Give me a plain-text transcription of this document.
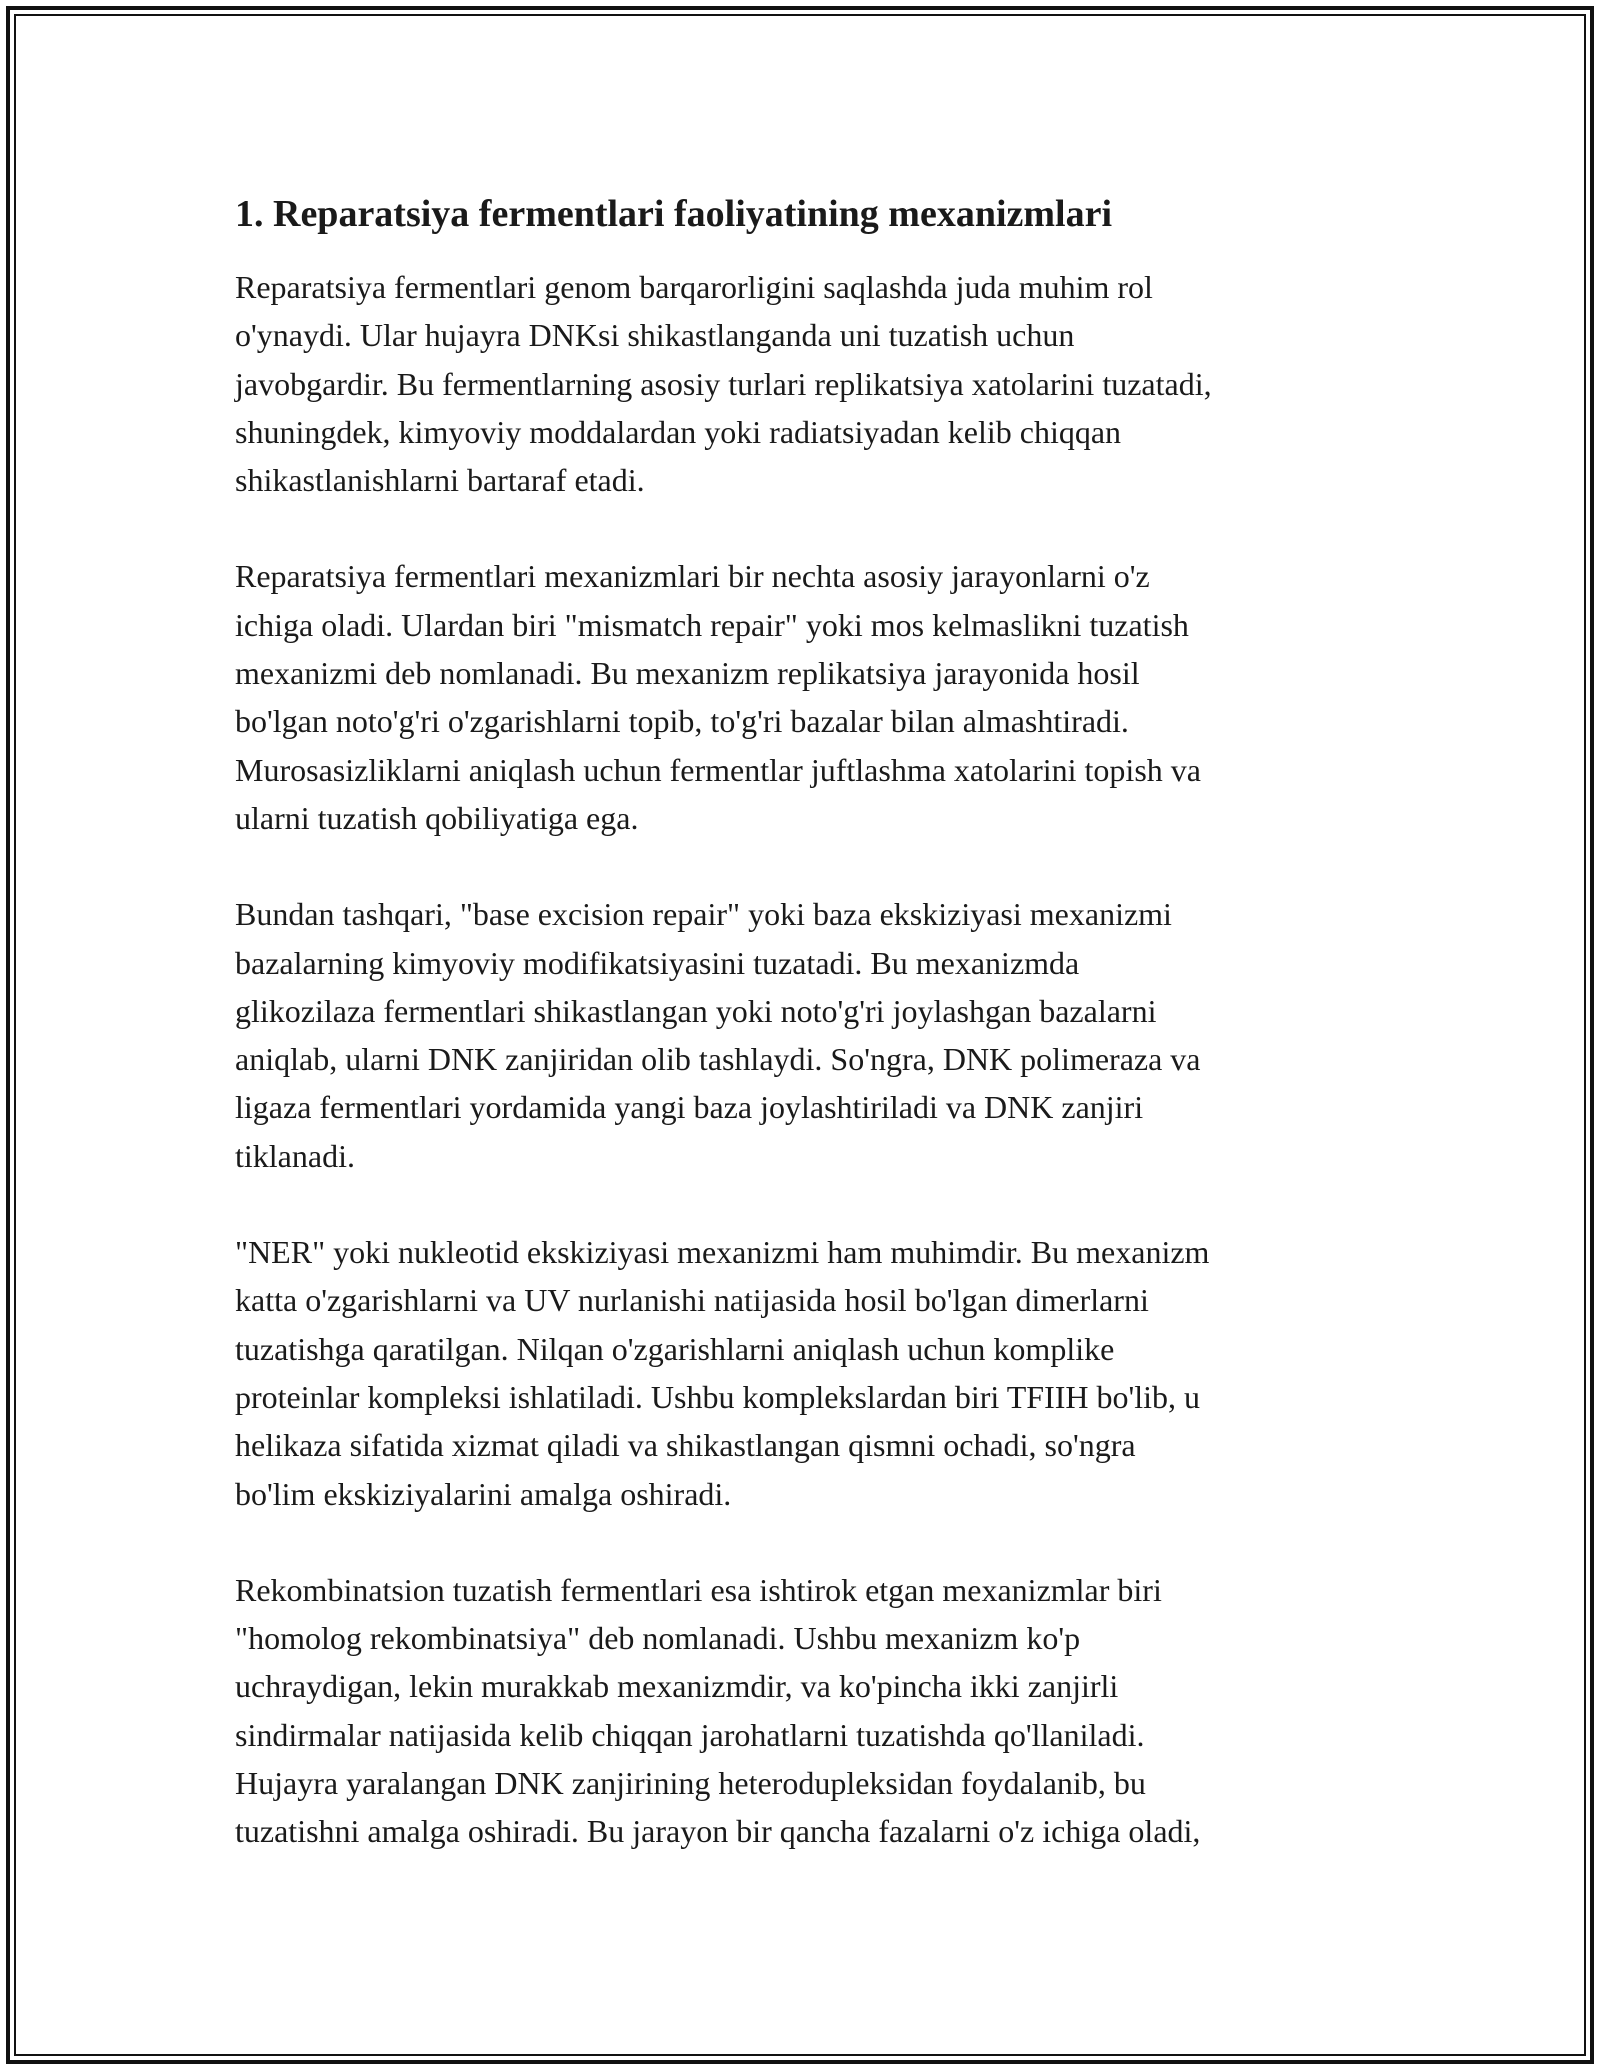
1. Reparatsiya fermentlari faoliyatining mexanizmlari

Reparatsiya fermentlari genom barqarorligini saqlashda juda muhim rol
o'ynaydi. Ular hujayra DNKsi shikastlanganda uni tuzatish uchun
javobgardir. Bu fermentlarning asosiy turlari replikatsiya xatolarini tuzatadi,
shuningdek, kimyoviy moddalardan yoki radiatsiyadan kelib chiqqan
shikastlanishlarni bartaraf etadi.

Reparatsiya fermentlari mexanizmlari bir nechta asosiy jarayonlarni o'z
ichiga oladi. Ulardan biri "mismatch repair" yoki mos kelmaslikni tuzatish
mexanizmi deb nomlanadi. Bu mexanizm replikatsiya jarayonida hosil
bo'lgan noto'g'ri o'zgarishlarni topib, to'g'ri bazalar bilan almashtiradi.
Murosasizliklarni aniqlash uchun fermentlar juftlashma xatolarini topish va
ularni tuzatish qobiliyatiga ega.

Bundan tashqari, "base excision repair" yoki baza ekskiziyasi mexanizmi
bazalarning kimyoviy modifikatsiyasini tuzatadi. Bu mexanizmda
glikozilaza fermentlari shikastlangan yoki noto'g'ri joylashgan bazalarni
aniqlab, ularni DNK zanjiridan olib tashlaydi. So'ngra, DNK polimeraza va
ligaza fermentlari yordamida yangi baza joylashtiriladi va DNK zanjiri
tiklanadi.

"NER" yoki nukleotid ekskiziyasi mexanizmi ham muhimdir. Bu mexanizm
katta o'zgarishlarni va UV nurlanishi natijasida hosil bo'lgan dimerlarni
tuzatishga qaratilgan. Nilqan o'zgarishlarni aniqlash uchun komplike
proteinlar kompleksi ishlatiladi. Ushbu komplekslardan biri TFIIH bo'lib, u
helikaza sifatida xizmat qiladi va shikastlangan qismni ochadi, so'ngra
bo'lim ekskiziyalarini amalga oshiradi.

Rekombinatsion tuzatish fermentlari esa ishtirok etgan mexanizmlar biri
"homolog rekombinatsiya" deb nomlanadi. Ushbu mexanizm ko'p
uchraydigan, lekin murakkab mexanizmdir, va ko'pincha ikki zanjirli
sindirmalar natijasida kelib chiqqan jarohatlarni tuzatishda qo'llaniladi.
Hujayra yaralangan DNK zanjirining heterodupleksidan foydalanib, bu
tuzatishni amalga oshiradi. Bu jarayon bir qancha fazalarni o'z ichiga oladi,
